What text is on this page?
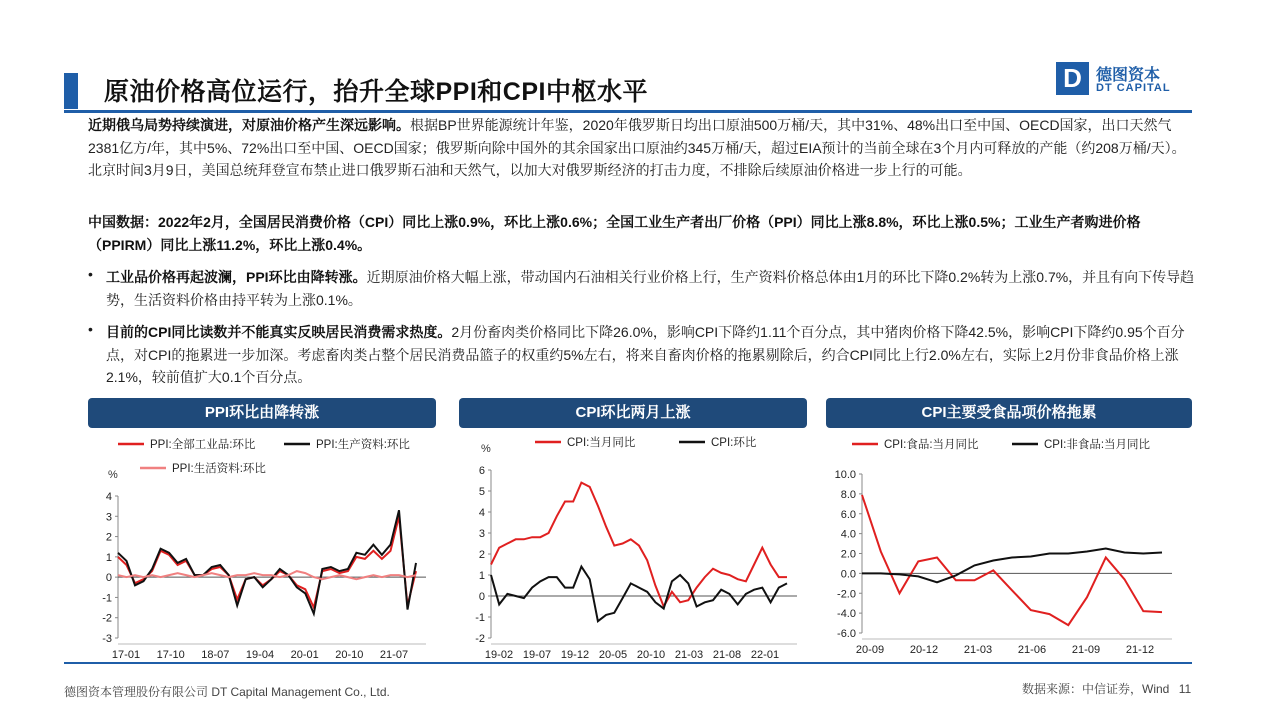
原油价格高位运行，抬升全球PPI和CPI中枢水平	D 德图资本
DT CAPITAL
近期俄乌局势持续演进，对原油价格产生深远影响。根据BP世界能源统计年鉴，2020年俄罗斯日均出口原油500万桶/天，其中31%、48%出口至中国、OECD国家，出口天然气2381亿方/年，其中5%、72%出口至中国、OECD国家；俄罗斯向除中国外的其余国家出口原油约345万桶/天，超过EIA预计的当前全球在3个月内可释放的产能（约208万桶/天）。北京时间3月9日，美国总统拜登宣布禁止进口俄罗斯石油和天然气，以加大对俄罗斯经济的打击力度，不排除后续原油价格进一步上行的可能。
中国数据：2022年2月，全国居民消费价格（CPI）同比上涨0.9%，环比上涨0.6%；全国工业生产者出厂价格（PPI）同比上涨8.8%，环比上涨0.5%；工业生产者购进价格（PPIRM）同比上涨11.2%，环比上涨0.4%。
• 工业品价格再起波澜，PPI环比由降转涨。近期原油价格大幅上涨，带动国内石油相关行业价格上行，生产资料价格总体由1月的环比下降0.2%转为上涨0.7%，并且有向下传导趋势，生活资料价格由持平转为上涨0.1%。
• 目前的CPI同比读数并不能真实反映居民消费需求热度。2月份畜肉类价格同比下降26.0%，影响CPI下降约1.11个百分点，其中猪肉价格下降42.5%，影响CPI下降约0.95个百分点，对CPI的拖累进一步加深。考虑畜肉类占整个居民消费品篮子的权重约5%左右，将来自畜肉价格的拖累剔除后，约合CPI同比上行2.0%左右，实际上2月份非食品价格上涨2.1%，较前值扩大0.1个百分点。
PPI环比由降转涨	CPI环比两月上涨	CPI主要受食品项价格拖累
PPI:全部工业品:环比	PPI:生产资料:环比
PPI:生活资料:环比
%
4
3
2
1
0
-1
-2
-3
17-01 17-10 18-07 19-04 20-01 20-10 21-07
CPI:当月同比	CPI:环比
%
6
5
4
3
2
1
0
-1
-2
19-02 19-07 19-12 20-05 20-10 21-03 21-08 22-01
CPI:食品:当月同比	CPI:非食品:当月同比
10.0
8.0
6.0
4.0
2.0
0.0
-2.0
-4.0
-6.0
20-09 20-12 21-03 21-06 21-09 21-12
德图资本管理股份有限公司 DT Capital Management Co., Ltd.	数据来源：中信证券，Wind 11
